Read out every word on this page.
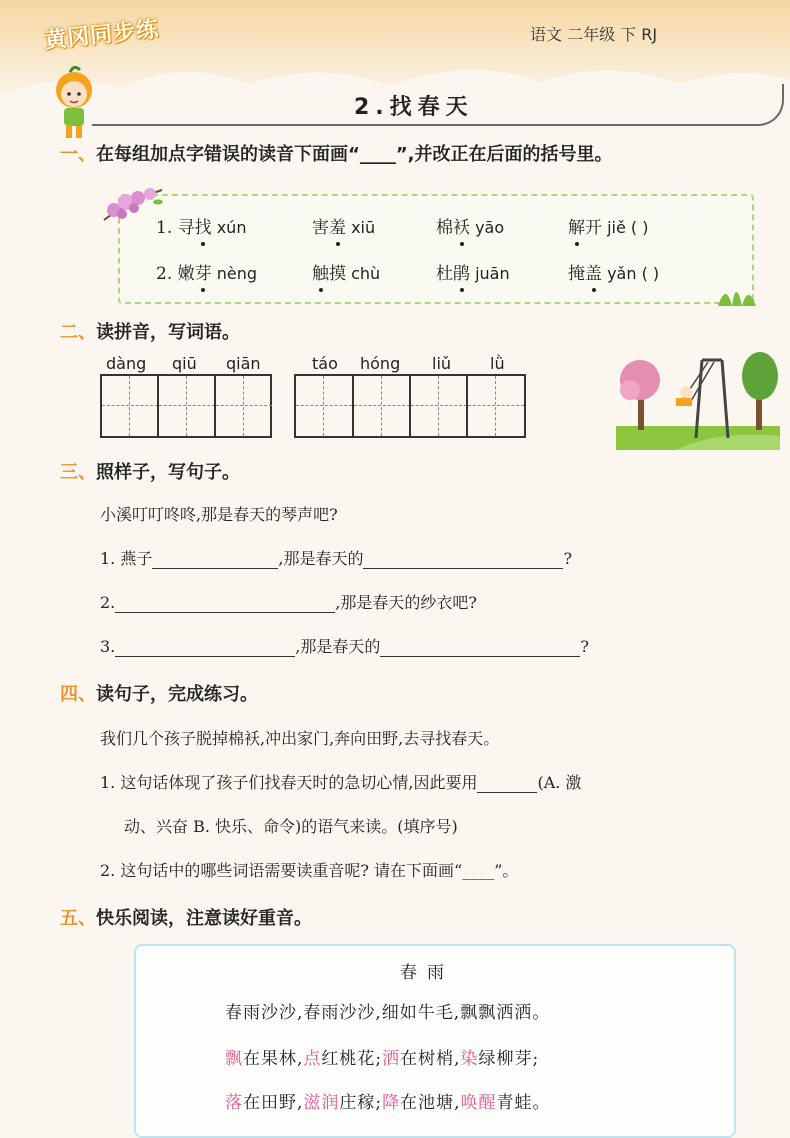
黄冈同步练	语文 二年级 下 RJ
2.找春天
一、在每组加点字错误的读音下面画“____”,并改正在后面的括号里。
1. 寻找 xún	害羞 xiū	棉袄 yāo	解开 jiě ( )
2. 嫩芽 nèng	触摸 chù	杜鹃 juān	掩盖 yǎn ( )
二、读拼音，写词语。
dàng qiū qiān	táo hóng liǔ lǜ
三、照样子，写句子。
小溪叮叮咚咚,那是春天的琴声吧?
1. 燕子	,那是春天的	?
2.	,那是春天的纱衣吧?
3.	,那是春天的	?
四、读句子，完成练习。
我们几个孩子脱掉棉袄,冲出家门,奔向田野,去寻找春天。
1. 这句话体现了孩子们找春天时的急切心情,因此要用	(A. 激
动、兴奋 B. 快乐、命令)的语气来读。(填序号)
2. 这句话中的哪些词语需要读重音呢? 请在下面画“____”。
五、快乐阅读，注意读好重音。
春雨
春雨沙沙,春雨沙沙,细如牛毛,飘飘洒洒。
飘在果林,点红桃花;洒在树梢,染绿柳芽;
落在田野,滋润庄稼;降在池塘,唤醒青蛙。
